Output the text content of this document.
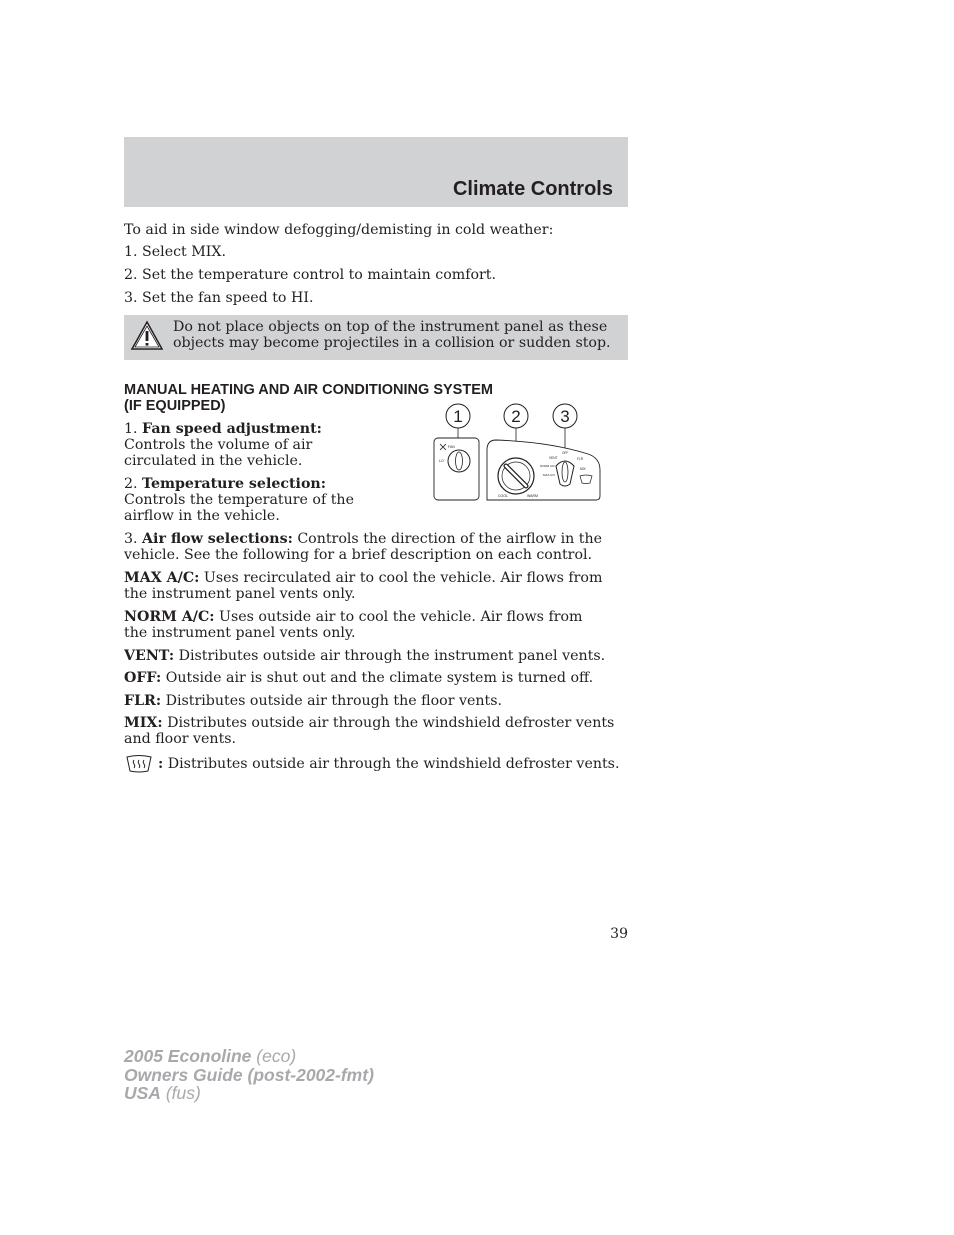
Climate Controls
To aid in side window defogging/demisting in cold weather:
1. Select MIX.
2. Set the temperature control to maintain comfort.
3. Set the fan speed to HI.
Do not place objects on top of the instrument panel as these objects may become projectiles in a collision or sudden stop.
MANUAL HEATING AND AIR CONDITIONING SYSTEM
(IF EQUIPPED)
1. Fan speed adjustment: Controls the volume of air circulated in the vehicle.
2. Temperature selection: Controls the temperature of the airflow in the vehicle.
3. Air flow selections: Controls the direction of the airflow in the vehicle. See the following for a brief description on each control.
MAX A/C: Uses recirculated air to cool the vehicle. Air flows from the instrument panel vents only.
NORM A/C: Uses outside air to cool the vehicle. Air flows from the instrument panel vents only.
VENT: Distributes outside air through the instrument panel vents.
OFF: Outside air is shut out and the climate system is turned off.
FLR: Distributes outside air through the floor vents.
MIX: Distributes outside air through the windshield defroster vents and floor vents.
: Distributes outside air through the windshield defroster vents.
1	2 3
FAN
LO
COOL	WARM
VENT
OFF
FLR
MIX
NORM A/C
MAX A/C
39
2005 Econoline (eco)
Owners Guide (post-2002-fmt)
USA (fus)
